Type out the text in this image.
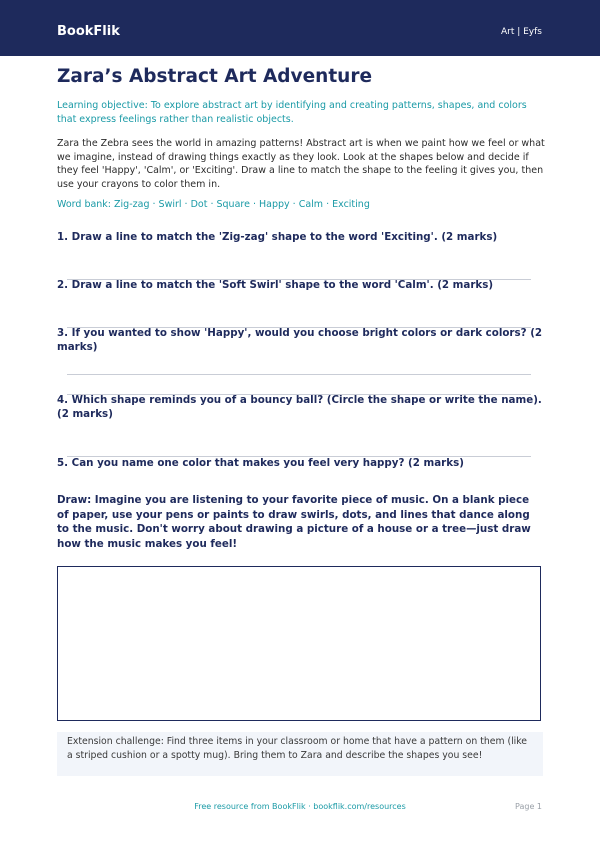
BookFlik	Art | Eyfs
Zara’s Abstract Art Adventure

Learning objective: To explore abstract art by identifying and creating patterns, shapes, and colors that express feelings rather than realistic objects.

Zara the Zebra sees the world in amazing patterns! Abstract art is when we paint how we feel or what we imagine, instead of drawing things exactly as they look. Look at the shapes below and decide if they feel 'Happy', 'Calm', or 'Exciting'. Draw a line to match the shape to the feeling it gives you, then use your crayons to color them in.

Word bank: Zig-zag · Swirl · Dot · Square · Happy · Calm · Exciting

1. Draw a line to match the 'Zig-zag' shape to the word 'Exciting'. (2 marks)

2. Draw a line to match the 'Soft Swirl' shape to the word 'Calm'. (2 marks)

3. If you wanted to show 'Happy', would you choose bright colors or dark colors? (2 marks)

4. Which shape reminds you of a bouncy ball? (Circle the shape or write the name). (2 marks)

5. Can you name one color that makes you feel very happy? (2 marks)

Draw: Imagine you are listening to your favorite piece of music. On a blank piece of paper, use your pens or paints to draw swirls, dots, and lines that dance along to the music. Don't worry about drawing a picture of a house or a tree—just draw how the music makes you feel!

Extension challenge: Find three items in your classroom or home that have a pattern on them (like a striped cushion or a spotty mug). Bring them to Zara and describe the shapes you see!
Free resource from BookFlik · bookflik.com/resources	Page 1
